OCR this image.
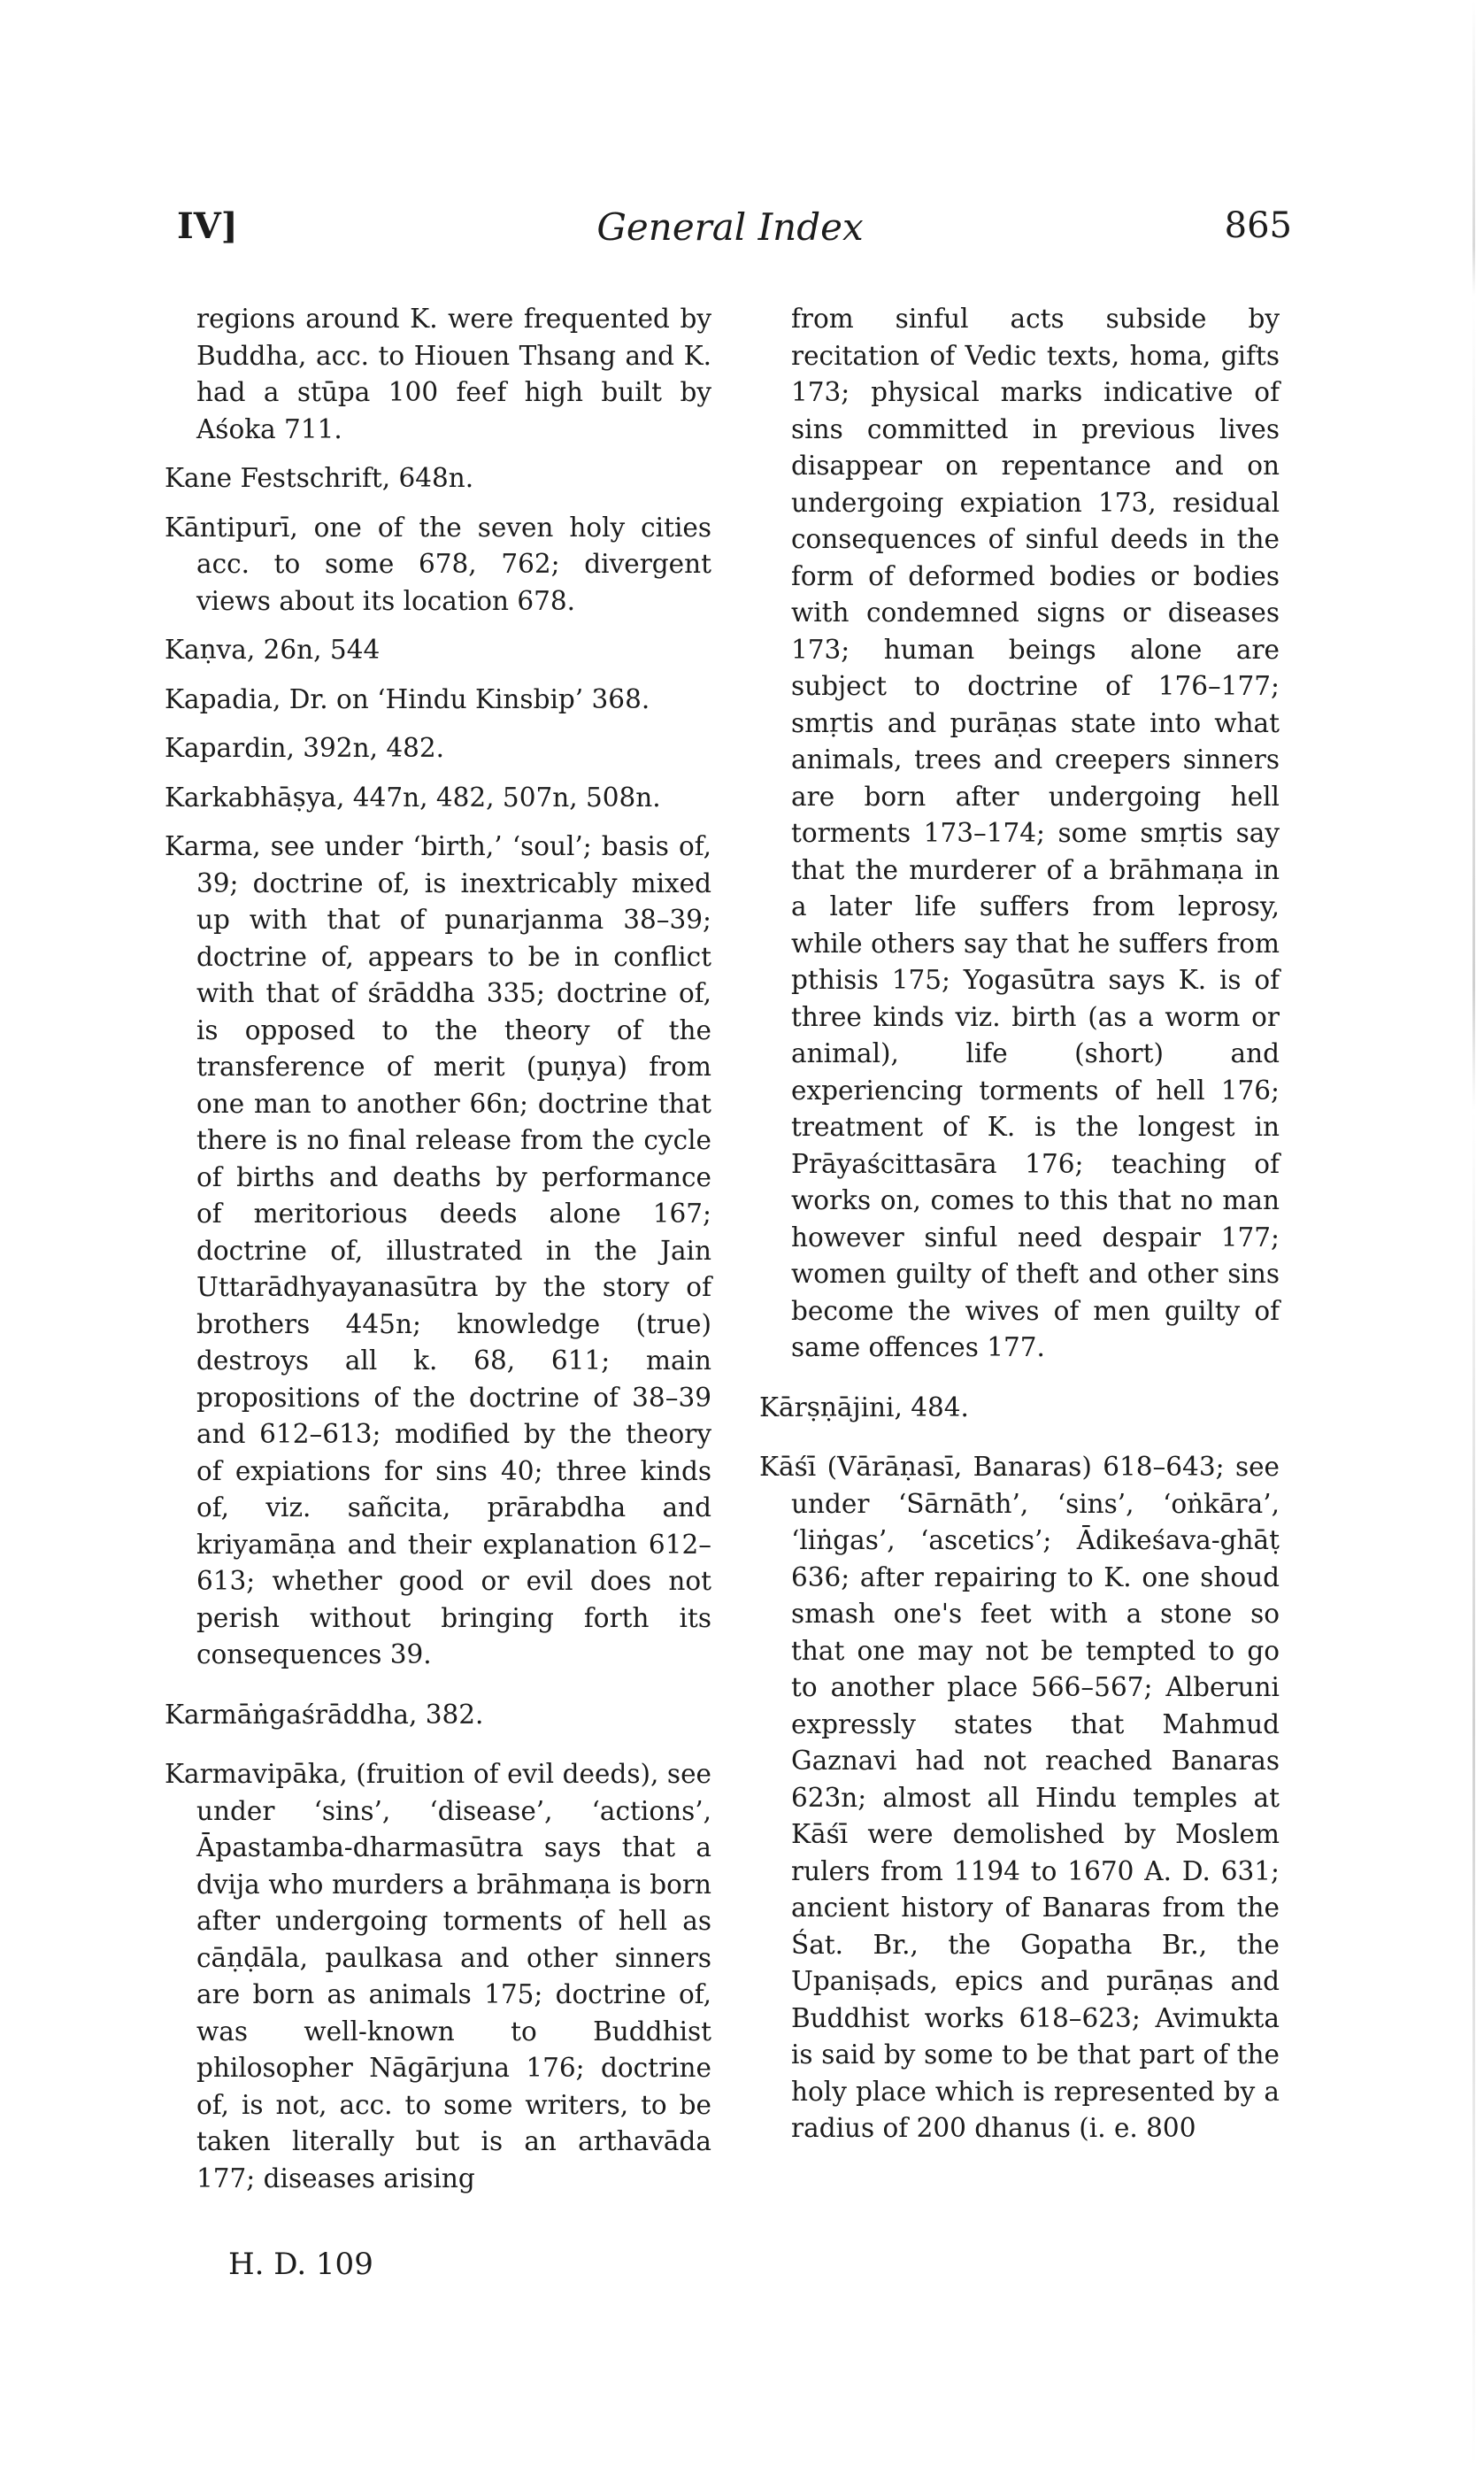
IV]	General Index	865

regions around K. were frequented by Buddha, acc. to Hiouen Thsang and K. had a stūpa 100 feef high built by Aśoka 711.

Kane Festschrift, 648n.

Kāntipurī, one of the seven holy cities acc. to some 678, 762; divergent views about its location 678.

Kaṇva, 26n, 544

Kapadia, Dr. on ‘Hindu Kinsbip’ 368.

Kapardin, 392n, 482.

Karkabhāṣya, 447n, 482, 507n, 508n.

Karma, see under ‘birth,’ ‘soul’; basis of, 39; doctrine of, is inextricably mixed up with that of punarjanma 38–39; doctrine of, appears to be in conflict with that of śrāddha 335; doctrine of, is opposed to the theory of the transference of merit (puṇya) from one man to another 66n; doctrine that there is no final release from the cycle of births and deaths by performance of meritorious deeds alone 167; doctrine of, illustrated in the Jain Uttarādhyayanasūtra by the story of brothers 445n; knowledge (true) destroys all k. 68, 611; main propositions of the doctrine of 38–39 and 612–613; modified by the theory of expiations for sins 40; three kinds of, viz. sañcita, prārabdha and kriyamāṇa and their explanation 612–613; whether good or evil does not perish without bringing forth its consequences 39.

Karmāṅgaśrāddha, 382.

Karmavipāka, (fruition of evil deeds), see under ‘sins’, ‘disease’, ‘actions’, Āpastamba-dharmasūtra says that a dvija who murders a brāhmaṇa is born after undergoing torments of hell as cāṇḍāla, paulkasa and other sinners are born as animals 175; doctrine of, was well-known to Buddhist philosopher Nāgārjuna 176; doctrine of, is not, acc. to some writers, to be taken literally but is an arthavāda 177; diseases arising

from sinful acts subside by recitation of Vedic texts, homa, gifts 173; physical marks indicative of sins committed in previous lives disappear on repentance and on undergoing expiation 173, residual consequences of sinful deeds in the form of deformed bodies or bodies with condemned signs or diseases 173; human beings alone are subject to doctrine of 176–177; smṛtis and purāṇas state into what animals, trees and creepers sinners are born after undergoing hell torments 173–174; some smṛtis say that the murderer of a brāhmaṇa in a later life suffers from leprosy, while others say that he suffers from pthisis 175; Yogasūtra says K. is of three kinds viz. birth (as a worm or animal), life (short) and experiencing torments of hell 176; treatment of K. is the longest in Prāyaścittasāra 176; teaching of works on, comes to this that no man however sinful need despair 177; women guilty of theft and other sins become the wives of men guilty of same offences 177.

Kārṣṇājini, 484.

Kāśī (Vārāṇasī, Banaras) 618–643; see under ‘Sārnāth’, ‘sins’, ‘oṅkāra’, ‘liṅgas’, ‘ascetics’; Ādikeśava-ghāṭ 636; after repairing to K. one shoud smash one's feet with a stone so that one may not be tempted to go to another place 566–567; Alberuni expressly states that Mahmud Gaznavi had not reached Banaras 623n; almost all Hindu temples at Kāśī were demolished by Moslem rulers from 1194 to 1670 A. D. 631; ancient history of Banaras from the Śat. Br., the Gopatha Br., the Upaniṣads, epics and purāṇas and Buddhist works 618–623; Avimukta is said by some to be that part of the holy place which is represented by a radius of 200 dhanus (i. e. 800

H. D. 109
